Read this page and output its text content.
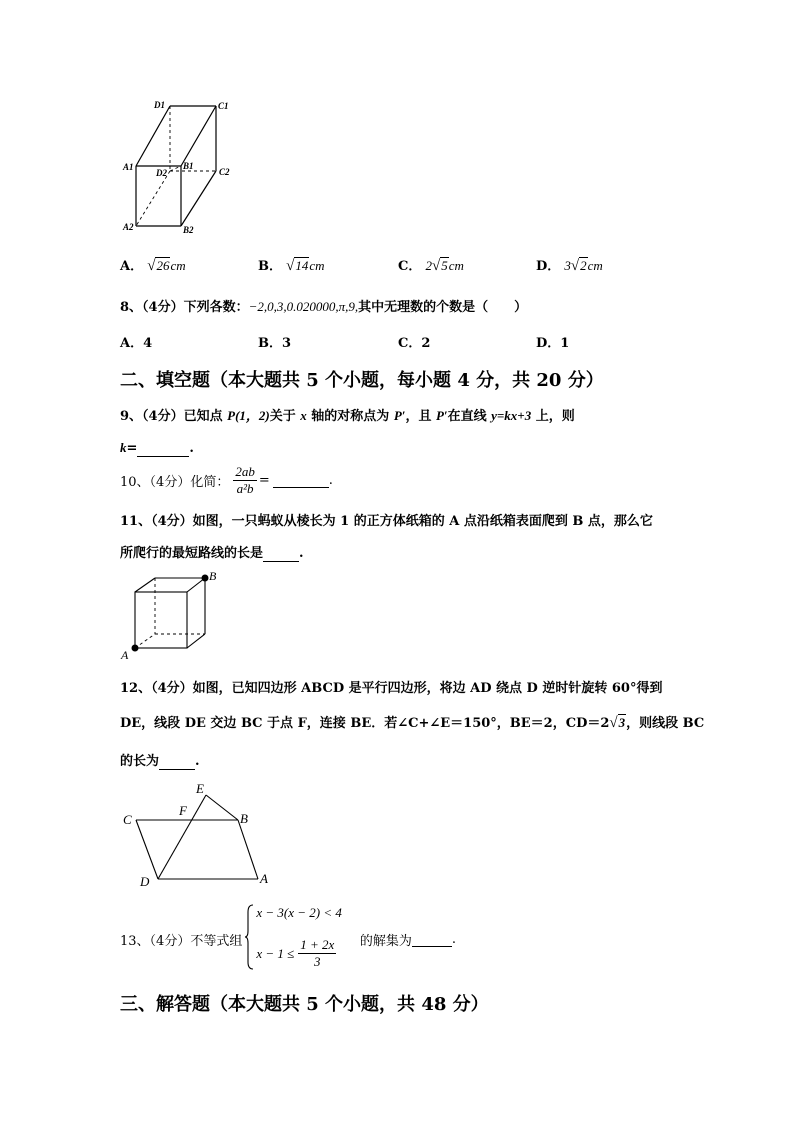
D1	C1
A1	B1
D2	C2
A2	B2
A． √26cm	B． √14cm	C． 2√5cm	D． 3√2cm
8、（4分）下列各数：−2,0,3,0.020000,π,9,其中无理数的个数是（　　）
A．4	B．3	C．2	D．1
二、填空题（本大题共 5 个小题，每小题 4 分，共 20 分）
9、（4分）已知点 P(1，2)关于 x 轴的对称点为 P′，且 P′在直线 y=kx+3 上，则
k=	.
10、（4分）化简： $\frac{2ab}{\text{a²b}}$ =
	.
11、（4分）如图，一只蚂蚁从棱长为 1 的正方体纸箱的 A 点沿纸箱表面爬到 B 点，那么它
所爬行的最短路线的长是	.
A
B
12、（4分）如图，已知四边形 ABCD 是平行四边形，将边 AD 绕点 D 逆时针旋转 60°得到
DE，线段 DE 交边 BC 于点 F，连接 BE．若∠C+∠E＝150°，BE＝2，CD＝2√3，则线段 BC
的长为	.
E
C
F
B
D	A
13、（4分）不等式组
x − 3(x − 2) < 4
$x - 1 \le \frac{1 + 2x}{3}$ 的解集为
	.
三、解答题（本大题共 5 个小题，共 48 分）
